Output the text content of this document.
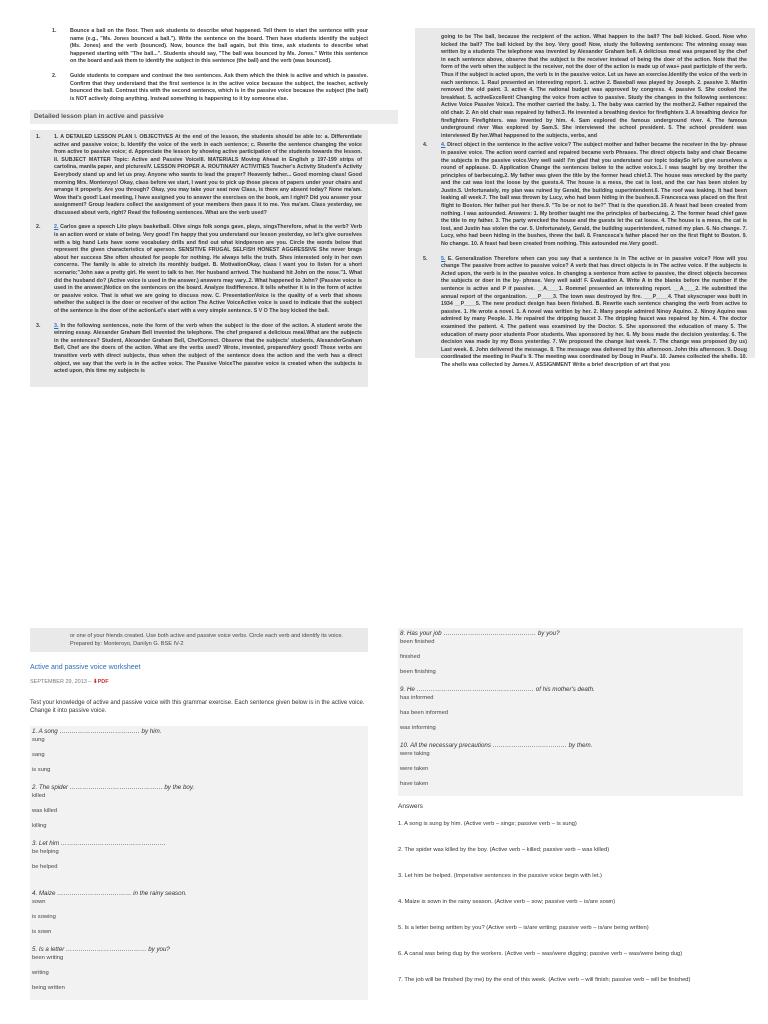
1.	Bounce a ball on the floor. Then ask students to describe what happened. Tell them to start the sentence with your name (e.g., "Ms. Jones bounced a ball."). Write the sentence on the board. Then have students identify the subject (Ms. Jones) and the verb (bounced). Now, bounce the ball again, but this time, ask students to describe what happened starting with "The ball...". Students should say, "The ball was bounced by Ms. Jones." Write this sentence on the board and ask them to identify the subject in this sentence (the ball) and the verb (was bounced).
2.	Guide students to compare and contrast the two sentences. Ask them which the think is active and which is passive. Confirm that they understand that the first sentence is in the active voice because the subject, the teacher, actively bounced the ball. Contrast this with the second sentence, which is in the passive voice because the subject (the ball) is NOT actively doing anything. Instead something is happening to it by someone else.
Detailed lesson plan in active and passive
1.	1. A DETAILED LESSON PLAN I. OBJECTIVES At the end of the lesson, the students should be able to: a. Differentiate active and passive voice; b. Identify the voice of the verb in each sentence; c. Rewrite the sentence changing the voice from active to passive voice; d. Appreciate the lesson by showing active participation of the students towards the lesson. II. SUBJECT MATTER Topic: Active and Passive VoiceIII. MATERIALS Moving Ahead in English p 197-199 strips of cartolina, manila paper, and picturesIV. LESSON PROPER A. ROUTINARY ACTIVITIES Teacher's Activity Student's Activity Everybody stand up and let us pray. Anyone who wants to lead the prayer? Heavenly father... Good morning class! Good morning Mrs. Monteroyo! Okay, class before we start, I want you to pick up those pieces of papers under your chairs and arrange it properly. Are you through? Okay, you may take your seat now Class, is there any absent today? None ma'am. Wow that's good! Last meeting, I have assigned you to answer the exercises on the book, am I right? Did you answer your assignment? Group leaders collect the assignment of your members then pass it to me. Yes ma'am. Class yesterday, we discussed about verb, right? Read the following sentences. What are the verb used?
2.	2. Carlos gave a speech Lito plays basketball. Olive sings folk songs gave, plays, singsTherefore, what is the verb? Verb is an action word or state of being. Very good! I'm happy that you understand our lesson yesterday, so let's give ourselves with a big hand Lets have some vocabulary drills and find out what kindperson are you. Circle the words below that represent the given characteristics of aperson. SENSITIVE FRUGAL SELFISH HONEST AGGRESSIVE She never brags about her success She often shouted for people for nothing. He always tells the truth. Shes interested only in her own concerns. The family is able to stretch its monthly budget. B. MotivationOkay, class I want you to listen for a short scenario;"John saw a pretty girl. He went to talk to her. Her husband arrived. The husband hit John on the nose."1. What did the husband do? (Active voice is used in the answer.) answers may vary..2. What happened to John? (Passive voice is used in the answer.)Notice on the sentences on the board. Analyze itsdifference. It tells whether it is in the form of active or passive voice. That is what we are going to discuss now. C. PresentationVoice is the quality of a verb that shows whether the subject is the doer or receiver of the action The Active VoiceActive voice is used to indicate that the subject of the sentence is the doer of the actionLet's start with a very simple sentence. S V O The boy kicked the ball.
3.	3. In the following sentences, note the form of the verb when the subject is the doer of the action. A student wrote the winning essay. Alexander Graham Bell invented the telephone. The chef prepared a delicious meal.What are the subjects in the sentences? Student, Alexander Graham Bell, ChefCorrect. Observe that the subjects' students, AlexanderGraham Bell, Chef are the doers of the action. What are the verbs used? Wrote, invented, preparedVery good! Those verbs are transitive verb with direct subjects, thus when the subject of the sentence does the action and the verb has a direct object, we say that the verb is in the active voice. The Passive VoiceThe passive voice is created when the subjects is acted upon, this time my subjects is
going to be The ball, because the recipient of the action. What happen to the ball? The ball kicked. Good. Now who kicked the ball? The ball kicked by the boy. Very good! Now, study the following sentences: The winning essay was written by a students The telephone was invented by Alexander Graham bell. A delicious meal was prepared by the chef in each sentence above, observe that the subject is the receiver instead of being the doer of the action. Note that the form of the verb when the subject is the receiver, not the doer of the action is made up of was+ past participle of the verb. Thus if the subject is acted upon, the verb is in the passive voice. Let us have an exercise.Identify the voice of the verb in each sentence. 1. Raul presented an interesting report. 1. active 2. Baseball was played by Joseph. 2. passive 3. Martin removed the old paint. 3. active 4. The national budget was approved by congress. 4. passive 5. She cooked the breakfast. 5. activeExcellent! Changing the voice from active to passive. Study the changes in the following sentences: Active Voice Passive Voice1. The mother carried the baby. 1. The baby was carried by the mother.2. Father repaired the old chair. 2. An old chair was repaired by father.3. He invented a breathing device for firefighters 3. A breathing device for firefighters Firefighters. was invented by him. 4. Sam explored the famous underground river. 4. The famous underground river Was explored by Sam.5. She interviewed the school president. 5. The school president was interviewed By her.What happened to the subjects, verbs, and
4.	4. Direct object in the sentence in the active voice? The subject mother and father became the receiver in the by- phrase in passive voice. The action word carried and repaired became verb Phrases. The direct objects baby and chair Became the subjects in the passive voice.Very well said! I'm glad that you understand our topic todaySo let's give ourselves a round of applause. D. Application Change the sentences below to the active voice.1. I was taught by my brother the principles of barbecuing.2. My father was given the title by the former head chief.3. The house was wrecked by the party and the cat was lost the loose by the guests.4. The house is a mess, the cat is lost, and the car has been stolen by Justin.5. Unfortunately, my plan was ruined by Gerald, the building superintendent.6. The roof was leaking. It had been leaking all week.7. The ball was thrown by Lucy, who had been hiding in the bushes.8. Francesca was placed on the first flight to Boston. Her father put her there.9. "To be or not to be?" That is the question.10. A feast had been created from nothing. I was astounded. Answers: 1. My brother taught me the principles of barbecuing. 2. The former head chief gave the title to my father. 3. The party wrecked the house and the guests let the cat loose. 4. The house is a mess, the cat is lost, and Justin has stolen the car. 5. Unfortunately, Gerald, the building superintendent, ruined my plan. 6. No change. 7. Lucy, who had been hiding in the bushes, threw the ball. 8. Francesca's father placed her on the first flight to Boston. 9. No change. 10. A feast had been created from nothing. This astounded me.Very good!.
5.	5. E. Generalization Therefore when can you say that a sentence is in The active or in passive voice? How will you change The passive from active to passive voice? A verb that has direct objects is in The active voice. If the subjects is Acted upon, the verb is in the passive voice. In changing a sentence from active to passive, the direct objects becomes the subjects or doer in the by- phrase. Very well said! F. Evaluation A. Write A in the blanks before the number if the sentence is active and P if passive. __A____1. Rommel presented an interesting report. __A____2. He submitted the annual report of the organization. ___P____3. The town was destroyed by fire. ___P____4. That skyscraper was built in 1934 __P____5. The new product design has been finished. B. Rewrite each sentence changing the verb from active to passive. 1. He wrote a novel. 1. A novel was written by her. 2. Many people admired Ninoy Aquino. 2. Ninoy Aquino was admired by many People. 3. He repaired the dripping faucet 3. The dripping faucet was repaired by him. 4. The doctor examined the patient. 4. The patient was examined by the Doctor. 5. She sponsored the education of many 5. The education of many poor students Poor students. Was sponsored by her. 6. My boss made the decision yesterday. 6. The decision was made by my Boss yesterday. 7. We proposed the change last week. 7. The change was proposed (by us) Last week. 8. John delivered the message. 8. The message was delivered by this afternoon. John this afternoon. 9. Doug coordinated the meeting in Paul's 9. The meeting was coordinated by Doug in Paul's. 10. James collected the shells. 10. The shells was collected by James.V. ASSIGNMENT Write a brief description of art that you
or one of your friends created. Use both active and passive voice verbs. Circle each verb and identify its voice. Prepared by: Monteroyo, Danilyn G. BSE IV-2
Active and passive voice worksheet
SEPTEMBER 29, 2013 – ⬇PDF
Test your knowledge of active and passive voice with this grammar exercise. Each sentence given below is in the active voice. Change it into passive voice.
1. A song ………………………………… by him.
sung
sang
is sung
2. The spider ……………………………………… by the boy.
killed
was killed
killing
3. Let him ……………………………………………
be helping
be helped
4. Maize ……………………………… in the rainy season.
sown
is sowing
is sown
5. Is a letter ………………………………… by you?
been writing
writing
being written
8. Has your job ……………………………………… by you?
been finished
finished
been finishing
9. He ………………………………………………… of his mother's death.
has informed
has been informed
was informing
10. All the necessary precautions ……………………………… by them.
were taking
were taken
have taken
Answers
1. A song is sung by him. (Active verb – sings; passive verb – is sung)
2. The spider was killed by the boy. (Active verb – killed; passive verb – was killed)
3. Let him be helped. (Imperative sentences in the passive voice begin with let.)
4. Maize is sown in the rainy season. (Active verb – sow; passive verb – is/are sown)
5. Is a letter being written by you? (Active verb – is/are writing; passive verb – is/are being written)
6. A canal was being dug by the workers. (Active verb – was/were digging; passive verb – was/were being dug)
7. The job will be finished (by me) by the end of this week. (Active verb – will finish; passive verb – will be finished)
